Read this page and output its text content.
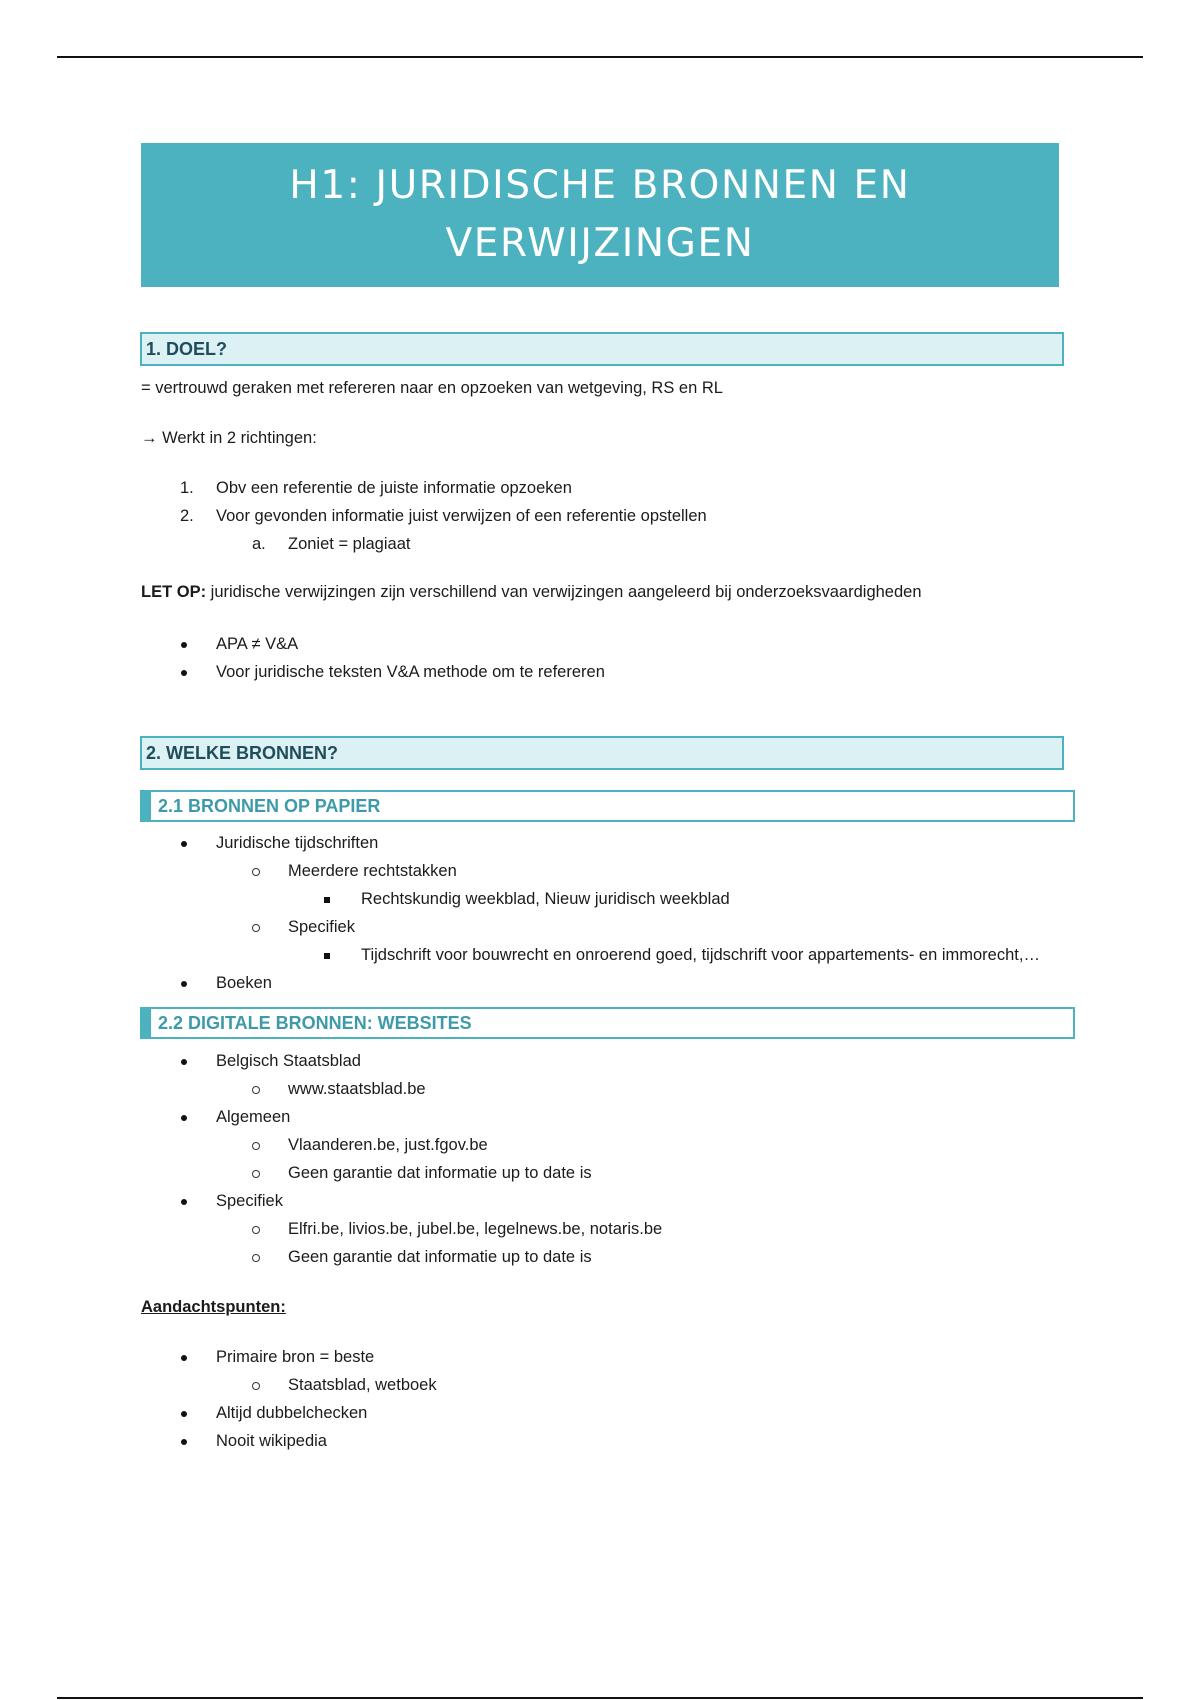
H1: JURIDISCHE BRONNEN EN
VERWIJZINGEN
1. DOEL?

= vertrouwd geraken met refereren naar en opzoeken van wetgeving, RS en RL

→ Werkt in 2 richtingen:

1. Obv een referentie de juiste informatie opzoeken
2. Voor gevonden informatie juist verwijzen of een referentie opstellen
a. Zoniet = plagiaat

LET OP: juridische verwijzingen zijn verschillend van verwijzingen aangeleerd bij onderzoeksvaardigheden

APA ≠ V&A
Voor juridische teksten V&A methode om te refereren
2. WELKE BRONNEN?
2.1 BRONNEN OP PAPIER
Juridische tijdschriften
Meerdere rechtstakken
Rechtskundig weekblad, Nieuw juridisch weekblad
Specifiek
Tijdschrift voor bouwrecht en onroerend goed, tijdschrift voor appartements- en immorecht,…
Boeken
2.2 DIGITALE BRONNEN: WEBSITES
Belgisch Staatsblad
www.staatsblad.be
Algemeen
Vlaanderen.be, just.fgov.be
Geen garantie dat informatie up to date is
Specifiek
Elfri.be, livios.be, jubel.be, legelnews.be, notaris.be
Geen garantie dat informatie up to date is

Aandachtspunten:

Primaire bron = beste
Staatsblad, wetboek
Altijd dubbelchecken
Nooit wikipedia
